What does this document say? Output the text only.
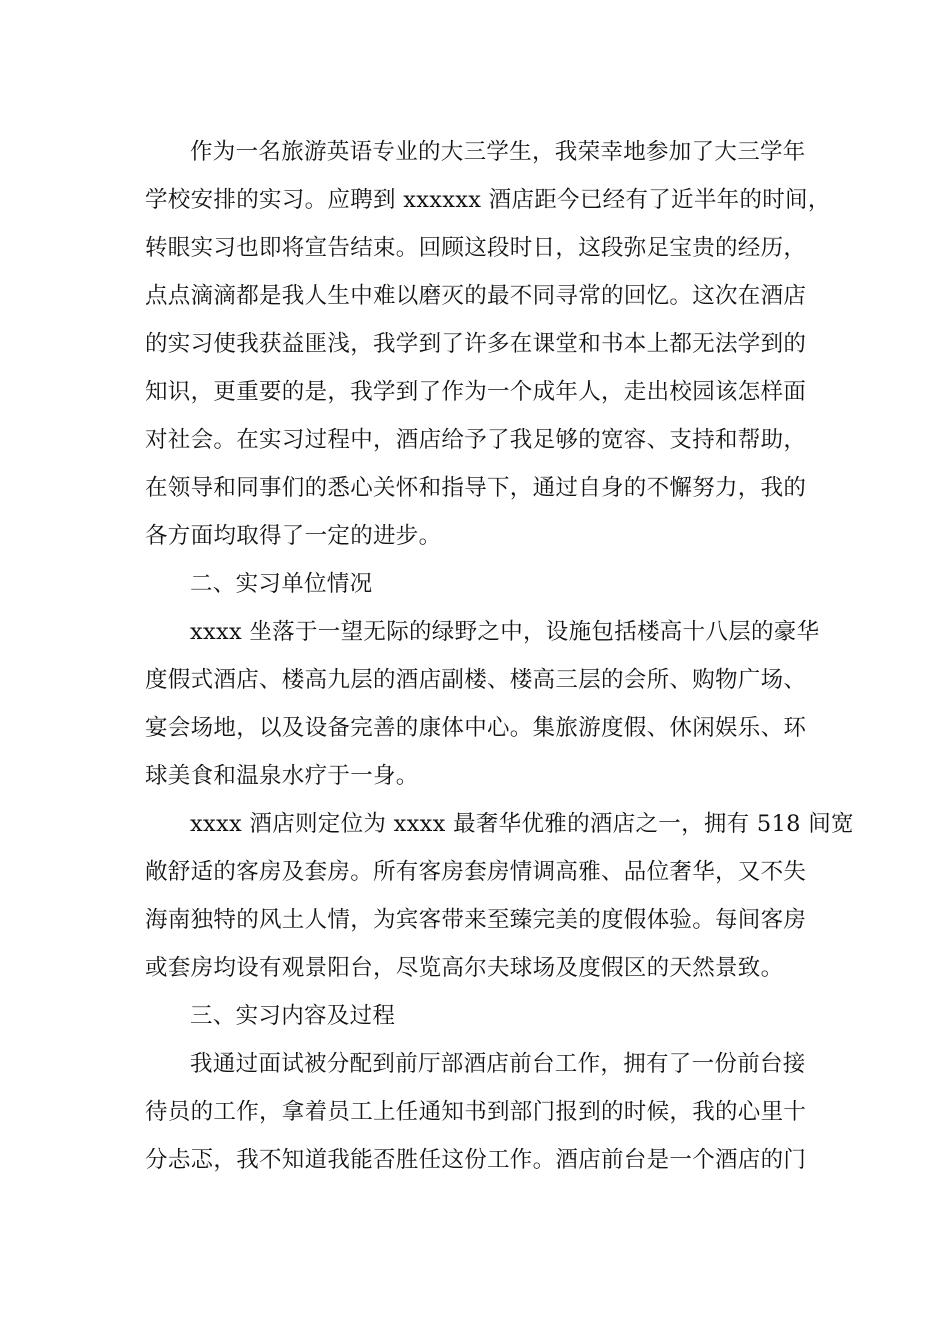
作为一名旅游英语专业的大三学生，我荣幸地参加了大三学年
学校安排的实习。应聘到 xxxxxx 酒店距今已经有了近半年的时间，
转眼实习也即将宣告结束。回顾这段时日，这段弥足宝贵的经历，
点点滴滴都是我人生中难以磨灭的最不同寻常的回忆。这次在酒店
的实习使我获益匪浅，我学到了许多在课堂和书本上都无法学到的
知识，更重要的是，我学到了作为一个成年人，走出校园该怎样面
对社会。在实习过程中，酒店给予了我足够的宽容、支持和帮助，
在领导和同事们的悉心关怀和指导下，通过自身的不懈努力，我的
各方面均取得了一定的进步。
二、实习单位情况
xxxx 坐落于一望无际的绿野之中，设施包括楼高十八层的豪华
度假式酒店、楼高九层的酒店副楼、楼高三层的会所、购物广场、
宴会场地，以及设备完善的康体中心。集旅游度假、休闲娱乐、环
球美食和温泉水疗于一身。
xxxx 酒店则定位为 xxxx 最奢华优雅的酒店之一，拥有 518 间宽
敞舒适的客房及套房。所有客房套房情调高雅、品位奢华，又不失
海南独特的风土人情，为宾客带来至臻完美的度假体验。每间客房
或套房均设有观景阳台，尽览高尔夫球场及度假区的天然景致。
三、实习内容及过程
我通过面试被分配到前厅部酒店前台工作，拥有了一份前台接
待员的工作，拿着员工上任通知书到部门报到的时候，我的心里十
分忐忑，我不知道我能否胜任这份工作。酒店前台是一个酒店的门
